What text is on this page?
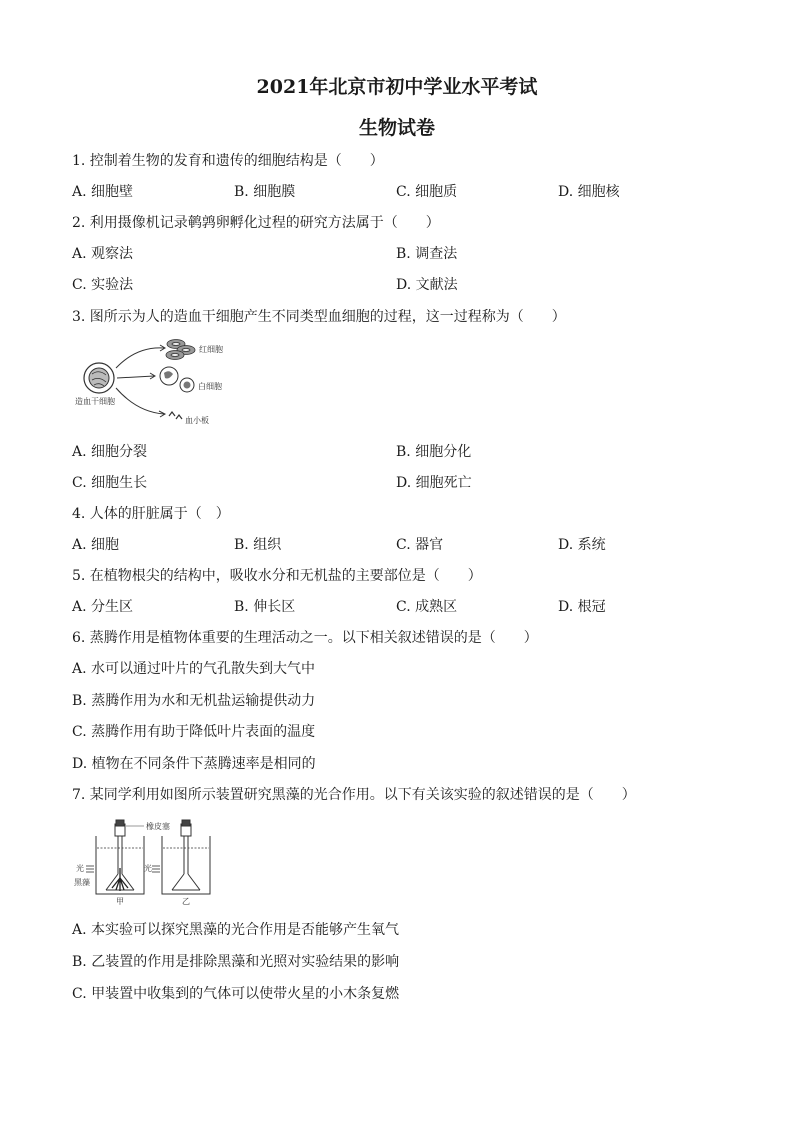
2021年北京市初中学业水平考试
生物试卷
1. 控制着生物的发育和遗传的细胞结构是（　　）
A. 细胞壁	B. 细胞膜	C. 细胞质	D. 细胞核
2. 利用摄像机记录鹌鹑卵孵化过程的研究方法属于（　　）
A. 观察法	B. 调查法
C. 实验法	D. 文献法
3. 图所示为人的造血干细胞产生不同类型血细胞的过程，这一过程称为（　　）
造血干细胞
红细胞
白细胞
血小板
A. 细胞分裂	B. 细胞分化
C. 细胞生长	D. 细胞死亡
4. 人体的肝脏属于（　）
A. 细胞	B. 组织	C. 器官	D. 系统
5. 在植物根尖的结构中，吸收水分和无机盐的主要部位是（　　）
A. 分生区	B. 伸长区	C. 成熟区	D. 根冠
6. 蒸腾作用是植物体重要的生理活动之一。以下相关叙述错误的是（　　）
A. 水可以通过叶片的气孔散失到大气中
B. 蒸腾作用为水和无机盐运输提供动力
C. 蒸腾作用有助于降低叶片表面的温度
D. 植物在不同条件下蒸腾速率是相同的
7. 某同学利用如图所示装置研究黑藻的光合作用。以下有关该实验的叙述错误的是（　　）
橡皮塞
光
黑藻
光
甲	乙
A. 本实验可以探究黑藻的光合作用是否能够产生氧气
B. 乙装置的作用是排除黑藻和光照对实验结果的影响
C. 甲装置中收集到的气体可以使带火星的小木条复燃
